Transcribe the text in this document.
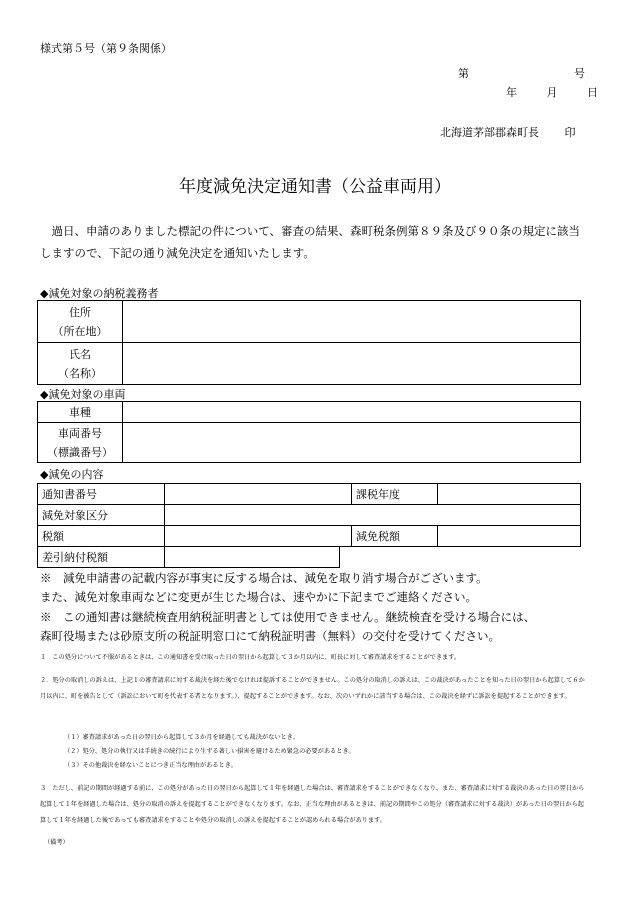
様式第５号（第９条関係）
第	号
年	月	日
北海道茅部郡森町長 印
年度減免決定通知書（公益車両用）
過日、申請のありました標記の件について、審査の結果、森町税条例第８９条及び９０条の規定に該当しますので、下記の通り減免決定を通知いたします。
◆減免対象の納税義務者
住所
（所在地）	

氏名
（名称）	

◆減免対象の車両
車種	

車両番号
（標識番号）	

◆減免の内容
通知書番号		課税年度	
減免対象区分			
税額		減免税額	
差引納付税額	
※　減免申請書の記載内容が事実に反する場合は、減免を取り消す場合がございます。
また、減免対象車両などに変更が生じた場合は、速やかに下記までご連絡ください。
※　この通知書は継続検査用納税証明書としては使用できません。継続検査を受ける場合には、
森町役場または砂原支所の税証明窓口にて納税証明書（無料）の交付を受けてください。
１　この処分について不服があるときは、この通知書を受け取った日の翌日から起算して３か月以内に、町長に対して審査請求をすることができます。
２．処分の取消しの訴えは、上記１の審査請求に対する裁決を経た後でなければ提訴することができません。この処分の取消しの訴えは、この裁決があったことを知った日の翌日から起算して６か月以内に、町を被告として（訴訟において町を代表する者となります。）、提起することができます。なお、次のいずれかに該当する場合は、この裁決を経ずに訴訟を提起することができます。
（１）審査請求があった日の翌日から起算して３か月を経過しても裁決がないとき。
（２）処分、処分の執行又は手続きの続行により生ずる著しい損害を避けるため緊急の必要があるとき。
（３）その他裁決を経ないことにつき正当な理由があるとき。
３　ただし、前記の期間が経過する前に、この処分があった日の翌日から起算して１年を経過した場合は、審査請求をすることができなくなり、また、審査請求に対する裁決のあった日の翌日から起算して１年を経過した場合は、処分の取消の訴えを提起することができなくなります。なお、正当な理由があるときは、前記の期間やこの処分（審査請求に対する裁決）があった日の翌日から起算して１年を経過した後であっても審査請求をすることや処分の取消しの訴えを提起することが認められる場合があります。
（備考）
